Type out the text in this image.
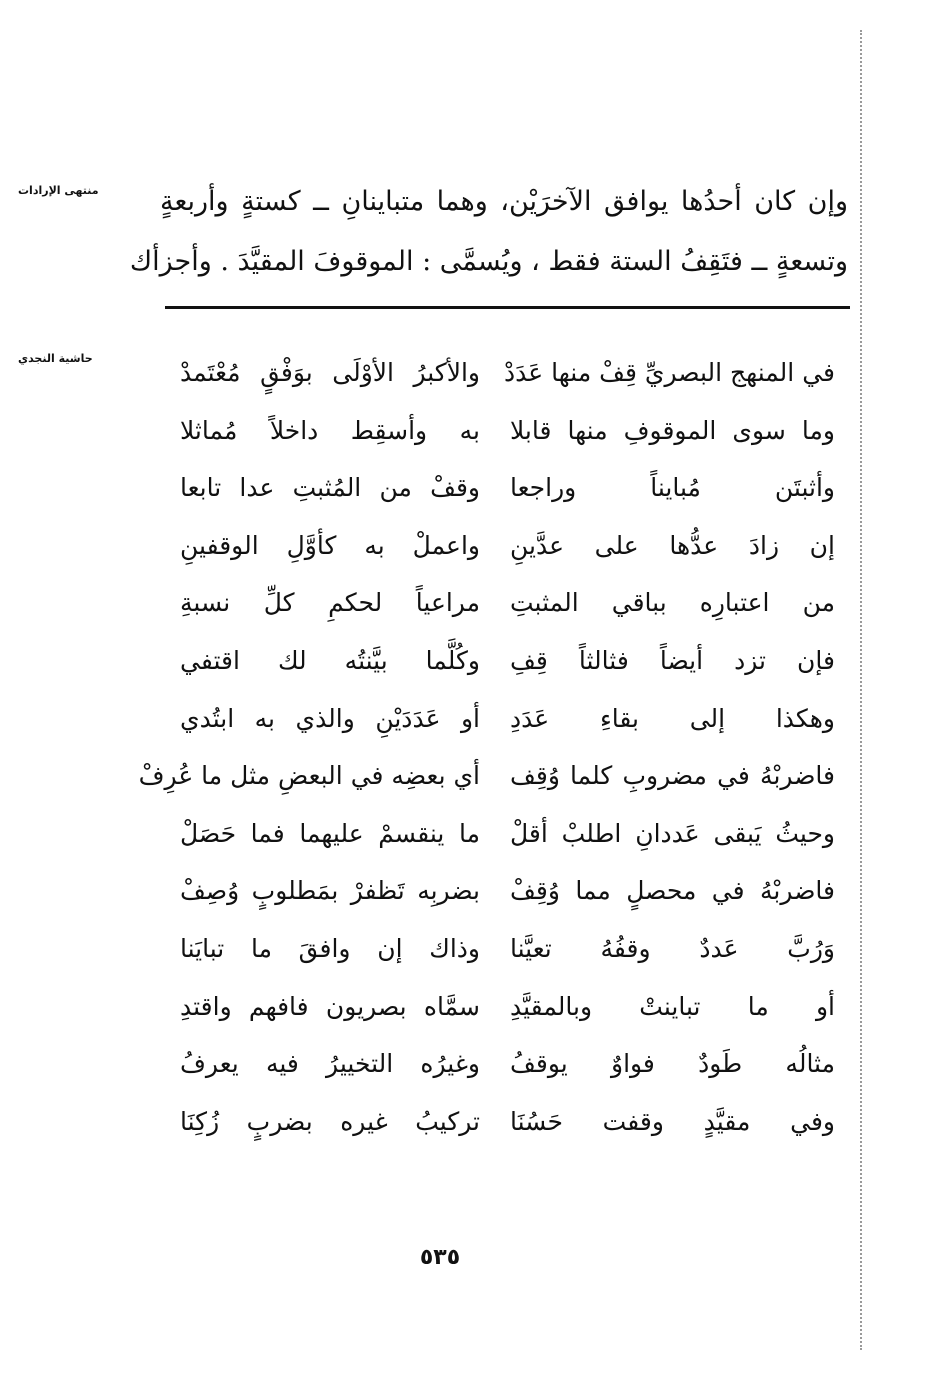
منتهى الإرادات
حاشية النجدي
وإن كان أحدُها يوافق الآخرَيْن، وهما متباينانِ ــ كستةٍ وأربعةٍ
وتسعةٍ ــ فتَقِفُ الستة فقط ، ويُسمَّى : الموقوفَ المقيَّدَ . وأجزأك
في المنهج البصريِّ قِفْ منها عَدَدْ
والأكبرُ الأوْلَى بوَفْقٍ مُعْتَمدْ
وما سوى الموقوفِ منها قابلا
به وأسقِط داخلاً مُماثلا
وأثبتَن مُبايناً وراجعا
وقفْ من المُثبتِ عدا تابعا
إن زادَ عدُّها على عدَّينِ
واعملْ به كأوَّلِ الوقفينِ
من اعتبارِه بباقي المثبتِ
مراعياً لحكمِ كلِّ نسبةِ
فإن تزد أيضاً فثالثاً قِفِ
وكُلَّما بيَّنتُه لك اقتفي
وهكذا إلى بقاءِ عَدَدِ
أو عَدَدَيْنِ والذي به ابتُدي
فاضربْهُ في مضروبِ كلما وُقِف
أي بعضِه في البعضِ مثل ما عُرِفْ
وحيثُ يَبقى عَددانِ اطلبْ أقلْ
ما ينقسمْ عليهما فما حَصَلْ
فاضربْهُ في محصلٍ مما وُقِفْ
بضربِه تَظفرْ بمَطلوبٍ وُصِفْ
وَرُبَّ عَددٌ وقفُهُ تعيَّنا
وذاك إن وافقَ ما تبايَنا
أو ما تباينتْ وبالمقيَّدِ
سمَّاه بصريون فافهم واقتدِ
مثالُه طَودٌ فواوٌ يوقفُ
وغيرُه التخييرُ فيه يعرفُ
وفي مقيَّدٍ وقفت حَسُنَا
تركيبُ غيره بضربٍ زُكِنَا
٥٣٥
